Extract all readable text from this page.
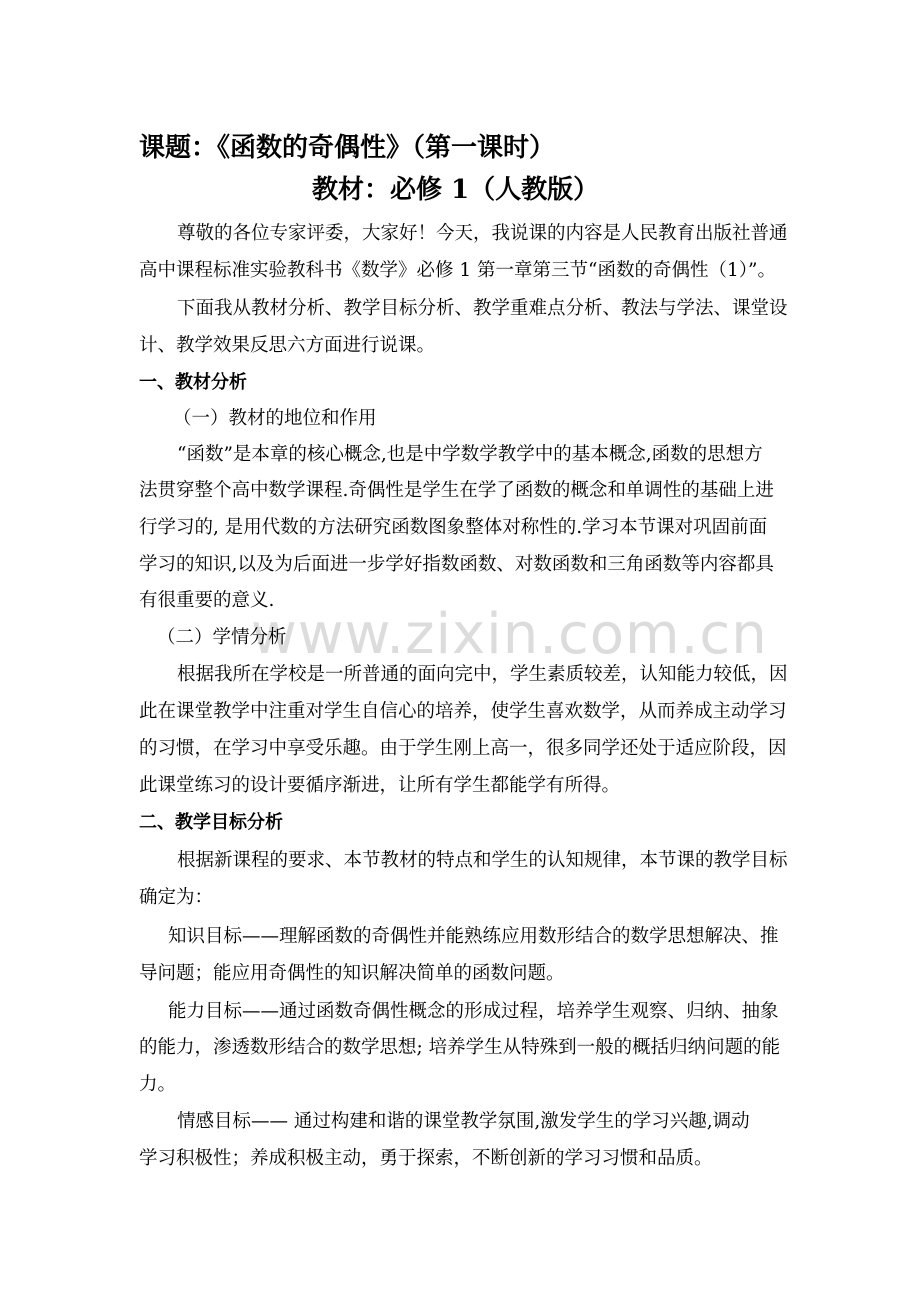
课题：《函数的奇偶性》（第一课时）
教材：必修 1（人教版）

尊敬的各位专家评委，大家好！今天，我说课的内容是人民教育出版社普通

高中课程标准实验教科书《数学》必修 1 第一章第三节“函数的奇偶性（1）”。

下面我从教材分析、教学目标分析、教学重难点分析、教法与学法、课堂设

计、教学效果反思六方面进行说课。

一、教材分析

（一）教材的地位和作用

“函数”是本章的核心概念,也是中学数学教学中的基本概念,函数的思想方

法贯穿整个高中数学课程.奇偶性是学生在学了函数的概念和单调性的基础上进

行学习的, 是用代数的方法研究函数图象整体对称性的.学习本节课对巩固前面

学习的知识,以及为后面进一步学好指数函数、对数函数和三角函数等内容都具

有很重要的意义.

www.zixin.com.cn

（二）学情分析

根据我所在学校是一所普通的面向完中，学生素质较差，认知能力较低，因

此在课堂教学中注重对学生自信心的培养，使学生喜欢数学，从而养成主动学习

的习惯，在学习中享受乐趣。由于学生刚上高一，很多同学还处于适应阶段，因

此课堂练习的设计要循序渐进，让所有学生都能学有所得。

二、教学目标分析

根据新课程的要求、本节教材的特点和学生的认知规律，本节课的教学目标

确定为：

知识目标——理解函数的奇偶性并能熟练应用数形结合的数学思想解决、推

导问题；能应用奇偶性的知识解决简单的函数问题。

能力目标——通过函数奇偶性概念的形成过程，培养学生观察、归纳、抽象

的能力，渗透数形结合的数学思想; 培养学生从特殊到一般的概括归纳问题的能

力。

情感目标—— 通过构建和谐的课堂教学氛围,激发学生的学习兴趣,调动

学习积极性；养成积极主动，勇于探索，不断创新的学习习惯和品质。
